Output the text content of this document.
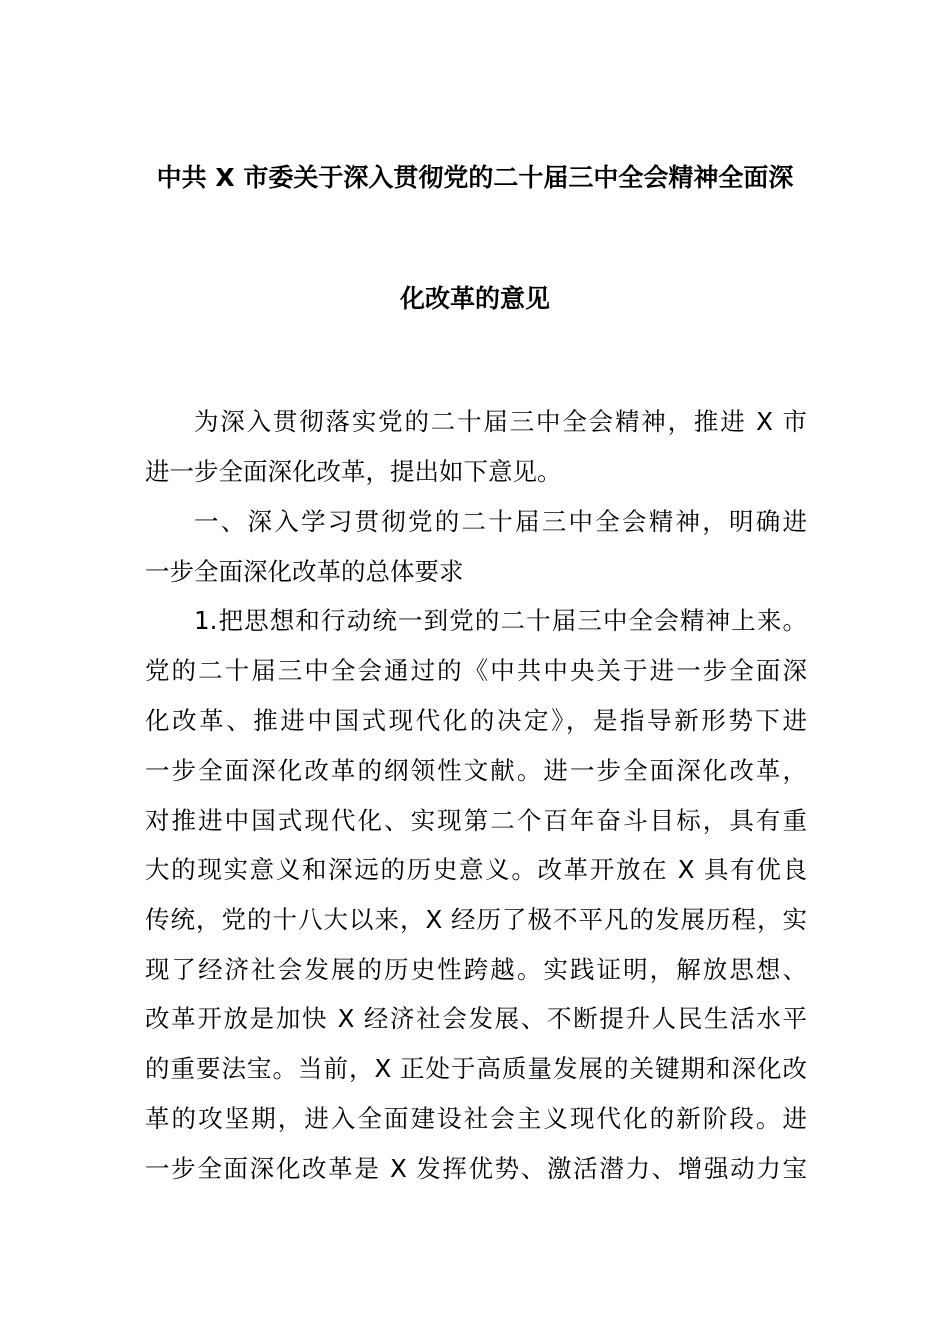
中共 X 市委关于深入贯彻党的二十届三中全会精神全面深
化改革的意见
为深入贯彻落实党的二十届三中全会精神，推进 X 市
进一步全面深化改革，提出如下意见。
一、深入学习贯彻党的二十届三中全会精神，明确进
一步全面深化改革的总体要求
1.把思想和行动统一到党的二十届三中全会精神上来。
党的二十届三中全会通过的《中共中央关于进一步全面深
化改革、推进中国式现代化的决定》，是指导新形势下进
一步全面深化改革的纲领性文献。进一步全面深化改革，
对推进中国式现代化、实现第二个百年奋斗目标，具有重
大的现实意义和深远的历史意义。改革开放在 X 具有优良
传统，党的十八大以来，X 经历了极不平凡的发展历程，实
现了经济社会发展的历史性跨越。实践证明，解放思想、
改革开放是加快 X 经济社会发展、不断提升人民生活水平
的重要法宝。当前，X 正处于高质量发展的关键期和深化改
革的攻坚期，进入全面建设社会主义现代化的新阶段。进
一步全面深化改革是 X 发挥优势、激活潜力、增强动力宝
